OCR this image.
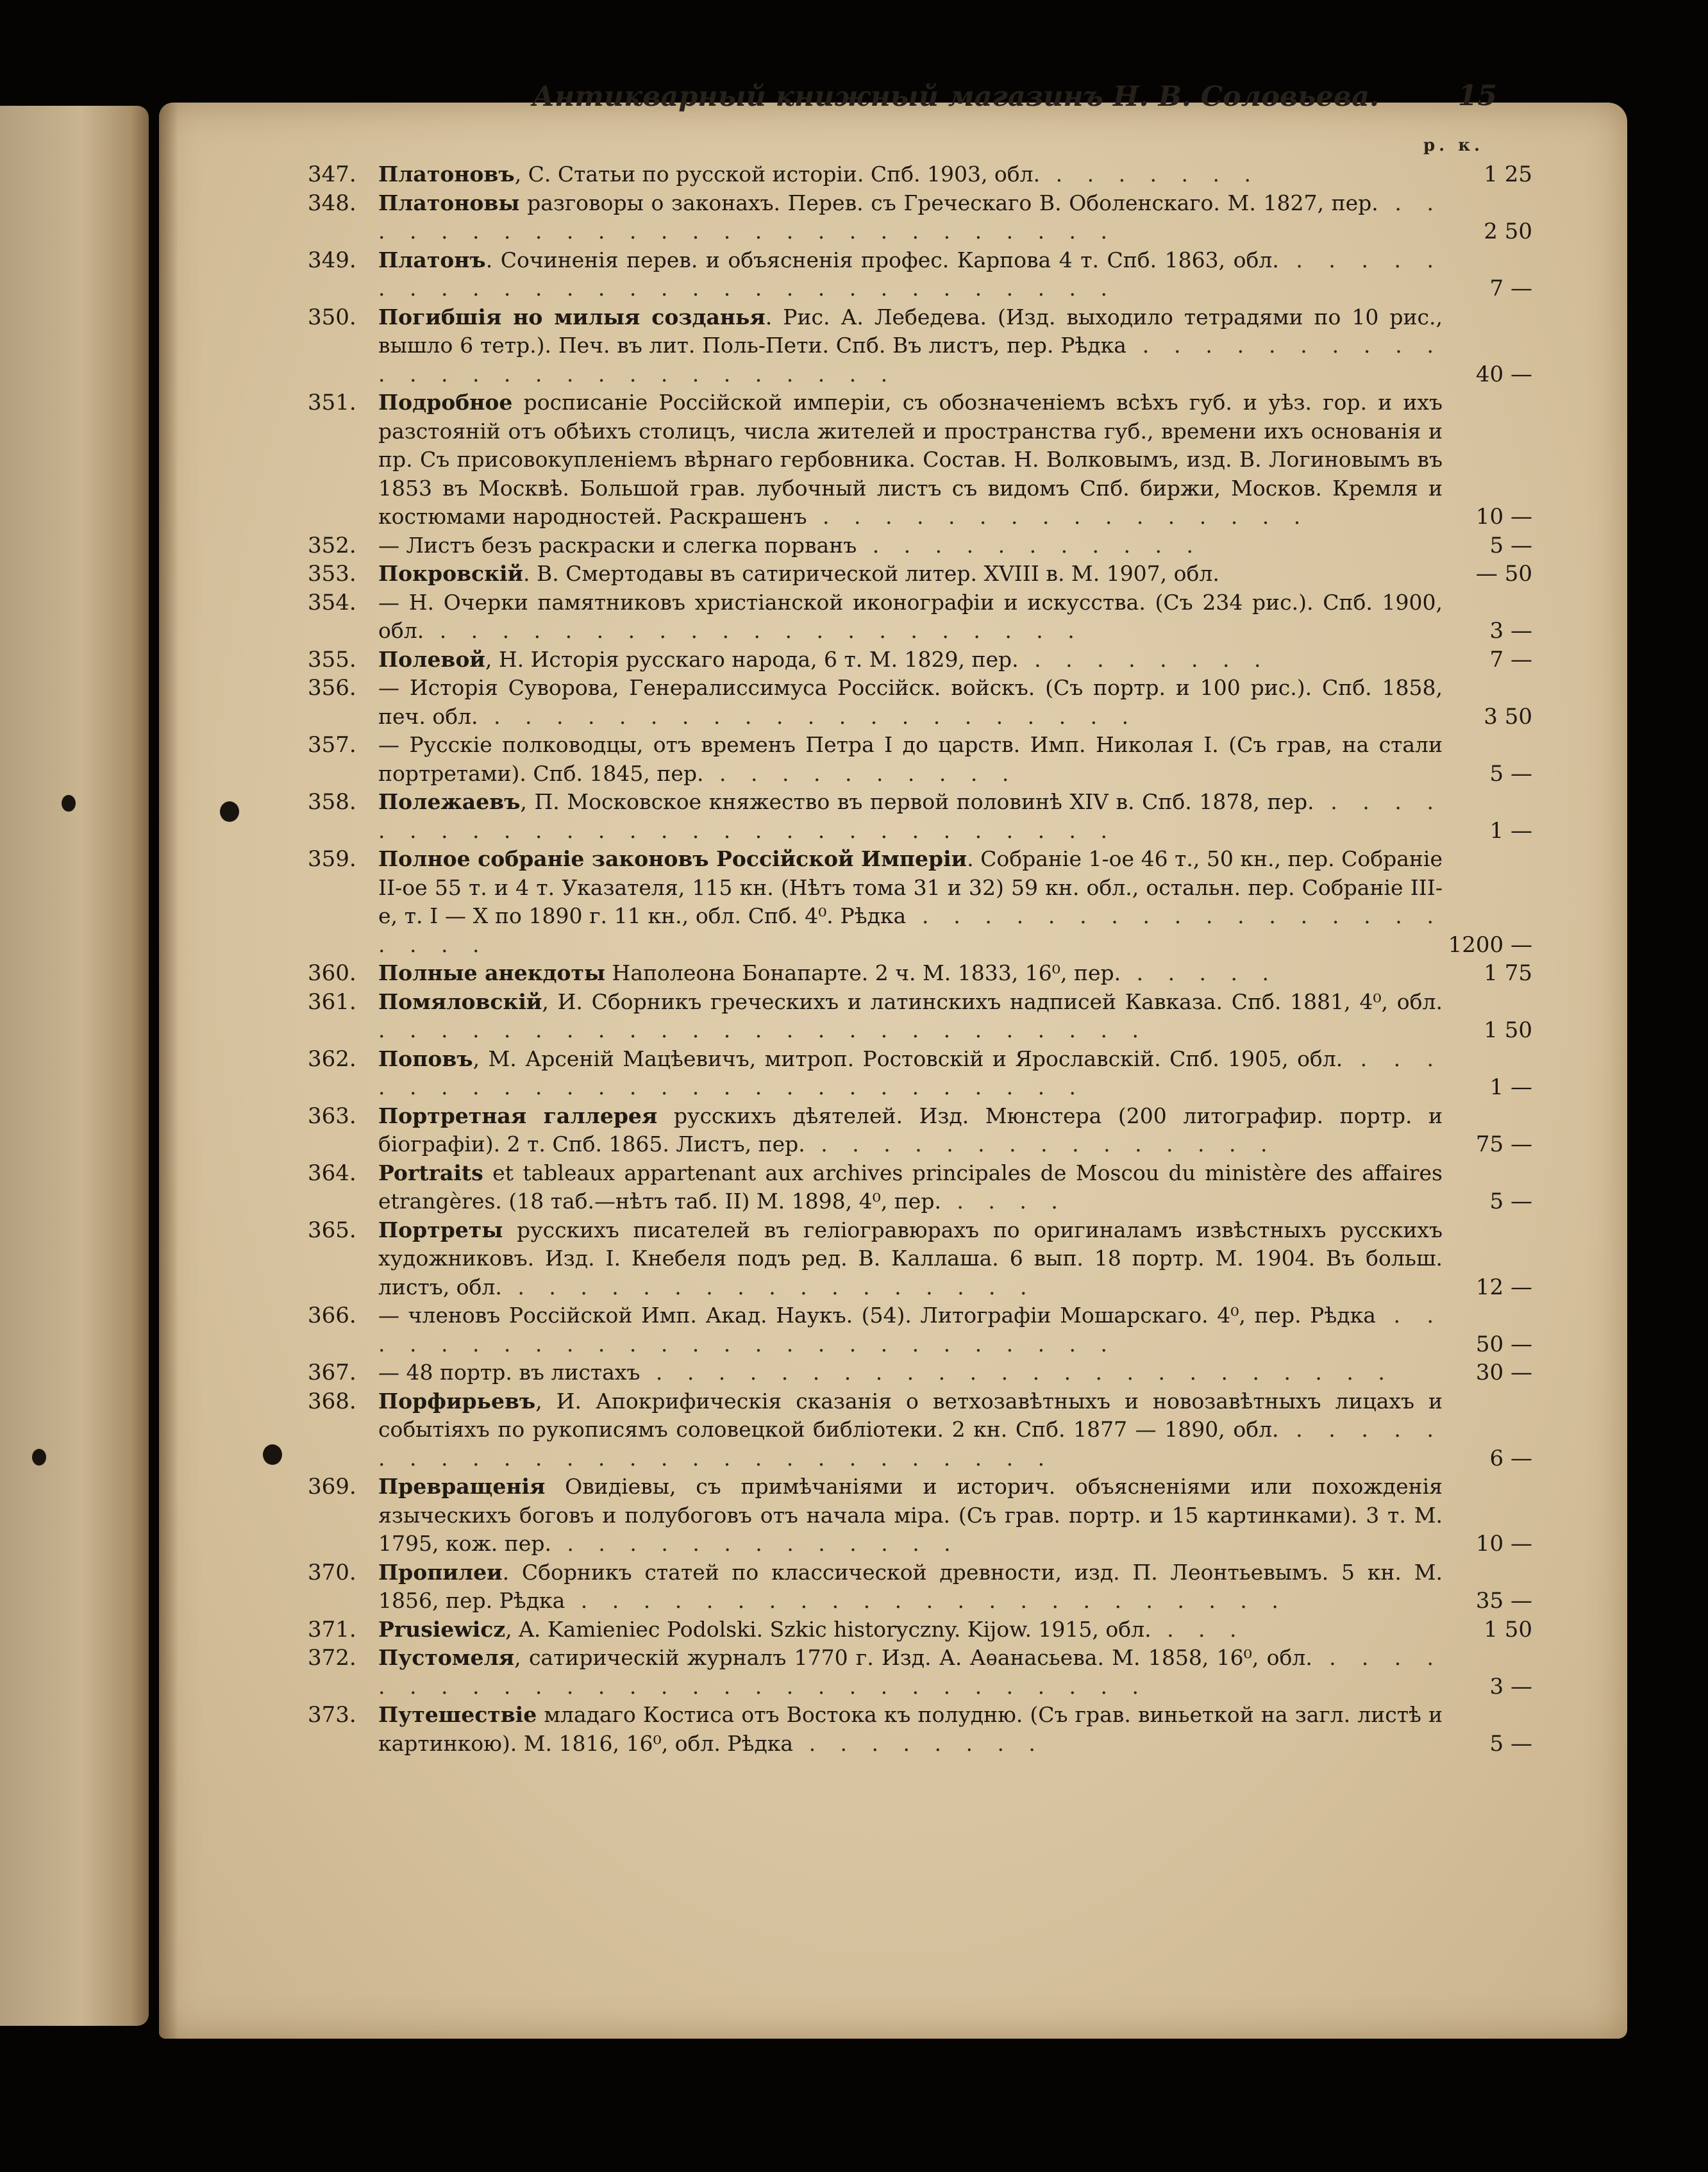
Антикварный книжный магазинъ Н. В. Соловьева.	15
р. к.
347.	Платоновъ, С. Статьи по русской исторіи. Спб. 1903, обл. . . . . . . .	1 25
348.	Платоновы разговоры о законахъ. Перев. съ Греческаго В. Оболенскаго. М. 1827, пер. . . . . . . . . . . . . . . . . . . . . . . . . . .	2 50
349.	Платонъ. Сочиненія перев. и объясненія профес. Карпова 4 т. Спб. 1863, обл. . . . . . . . . . . . . . . . . . . . . . . . . . . . . .	7 —
350.	Погибшія но милыя созданья. Рис. А. Лебедева. (Изд. выходило тетрадями по 10 рис., вышло 6 тетр.). Печ. въ лит. Поль-Пети. Спб. Въ листъ, пер. Рѣдка . . . . . . . . . . . . . . . . . . . . . . . . . . .	40 —
351.	Подробное росписаніе Россійской имперіи, съ обозначеніемъ всѣхъ губ. и уѣз. гор. и ихъ разстояній отъ обѣихъ столицъ, числа жителей и пространства губ., времени ихъ основанія и пр. Съ присовокупленіемъ вѣрнаго гербовника. Состав. Н. Волковымъ, изд. В. Логиновымъ въ 1853 въ Москвѣ. Большой грав. лубочный листъ съ видомъ Спб. биржи, Москов. Кремля и костюмами народностей. Раскрашенъ . . . . . . . . . . . . . . . .	10 —
352.	— Листъ безъ раскраски и слегка порванъ . . . . . . . . . . .	5 —
353.	Покровскій. В. Смертодавы въ сатирической литер. XVIII в. М. 1907, обл.	— 50
354.	— Н. Очерки памятниковъ христіанской иконографіи и искусства. (Съ 234 рис.). Спб. 1900, обл. . . . . . . . . . . . . . . . . . . . . .	3 —
355.	Полевой, Н. Исторія русскаго народа, 6 т. М. 1829, пер. . . . . . . . .	7 —
356.	— Исторія Суворова, Генералиссимуса Россійск. войскъ. (Съ портр. и 100 рис.). Спб. 1858, печ. обл. . . . . . . . . . . . . . . . . . . . . .	3 50
357.	— Русскіе полководцы, отъ временъ Петра I до царств. Имп. Николая I. (Съ грав, на стали портретами). Спб. 1845, пер. . . . . . . . . . .	5 —
358.	Полежаевъ, П. Московское княжество въ первой половинѣ XIV в. Спб. 1878, пер. . . . . . . . . . . . . . . . . . . . . . . . . . . . .	1 —
359.	Полное собраніе законовъ Россійской Имперіи. Собраніе 1-ое 46 т., 50 кн., пер. Собраніе II-ое 55 т. и 4 т. Указателя, 115 кн. (Нѣтъ тома 31 и 32) 59 кн. обл., остальн. пер. Собраніе III-е, т. I — X по 1890 г. 11 кн., обл. Спб. 4⁰. Рѣдка . . . . . . . . . . . . . . . . . . . . .	1200 —
360.	Полные анекдоты Наполеона Бонапарте. 2 ч. М. 1833, 16⁰, пер. . . . . .	1 75
361.	Помяловскій, И. Сборникъ греческихъ и латинскихъ надписей Кавказа. Спб. 1881, 4⁰, обл. . . . . . . . . . . . . . . . . . . . . . . . . .	1 50
362.	Поповъ, М. Арсеній Мацѣевичъ, митроп. Ростовскій и Ярославскій. Спб. 1905, обл. . . . . . . . . . . . . . . . . . . . . . . . . . .	1 —
363.	Портретная галлерея русскихъ дѣятелей. Изд. Мюнстера (200 литографир. портр. и біографіи). 2 т. Спб. 1865. Листъ, пер. . . . . . . . . . . . . . . .	75 —
364.	Portraits et tableaux appartenant aux archives principales de Moscou du ministère des affaires etrangères. (18 таб.—нѣтъ таб. II) М. 1898, 4⁰, пер. . . . .	5 —
365.	Портреты русскихъ писателей въ геліогравюрахъ по оригиналамъ извѣстныхъ русскихъ художниковъ. Изд. I. Кнебеля подъ ред. В. Каллаша. 6 вып. 18 портр. М. 1904. Въ больш. листъ, обл. . . . . . . . . . . . . . . . . .	12 —
366.	— членовъ Россійской Имп. Акад. Наукъ. (54). Литографіи Мошарскаго. 4⁰, пер. Рѣдка . . . . . . . . . . . . . . . . . . . . . . . . . .	50 —
367.	— 48 портр. въ листахъ . . . . . . . . . . . . . . . . . . . . . . . .	30 —
368.	Порфирьевъ, И. Апокрифическія сказанія о ветхозавѣтныхъ и новозавѣтныхъ лицахъ и событіяхъ по рукописямъ соловецкой библіотеки. 2 кн. Спб. 1877 — 1890, обл. . . . . . . . . . . . . . . . . . . . . . . . . . . .	6 —
369.	Превращенія Овидіевы, съ примѣчаніями и историч. объясненіями или похожденія языческихъ боговъ и полубоговъ отъ начала міра. (Съ грав. портр. и 15 картинками). 3 т. М. 1795, кож. пер. . . . . . . . . . . . . .	10 —
370.	Пропилеи. Сборникъ статей по классической древности, изд. П. Леонтьевымъ. 5 кн. М. 1856, пер. Рѣдка . . . . . . . . . . . . . . . . . . . . . . .	35 —
371.	Prusiewicz, A. Kamieniec Podolski. Szkic historyczny. Kijow. 1915, обл. . . .	1 50
372.	Пустомеля, сатирическій журналъ 1770 г. Изд. А. Аѳанасьева. М. 1858, 16⁰, обл. . . . . . . . . . . . . . . . . . . . . . . . . . . . . .	3 —
373.	Путешествіе младаго Костиса отъ Востока къ полудню. (Съ грав. виньеткой на загл. листѣ и картинкою). М. 1816, 16⁰, обл. Рѣдка . . . . . . . .	5 —
